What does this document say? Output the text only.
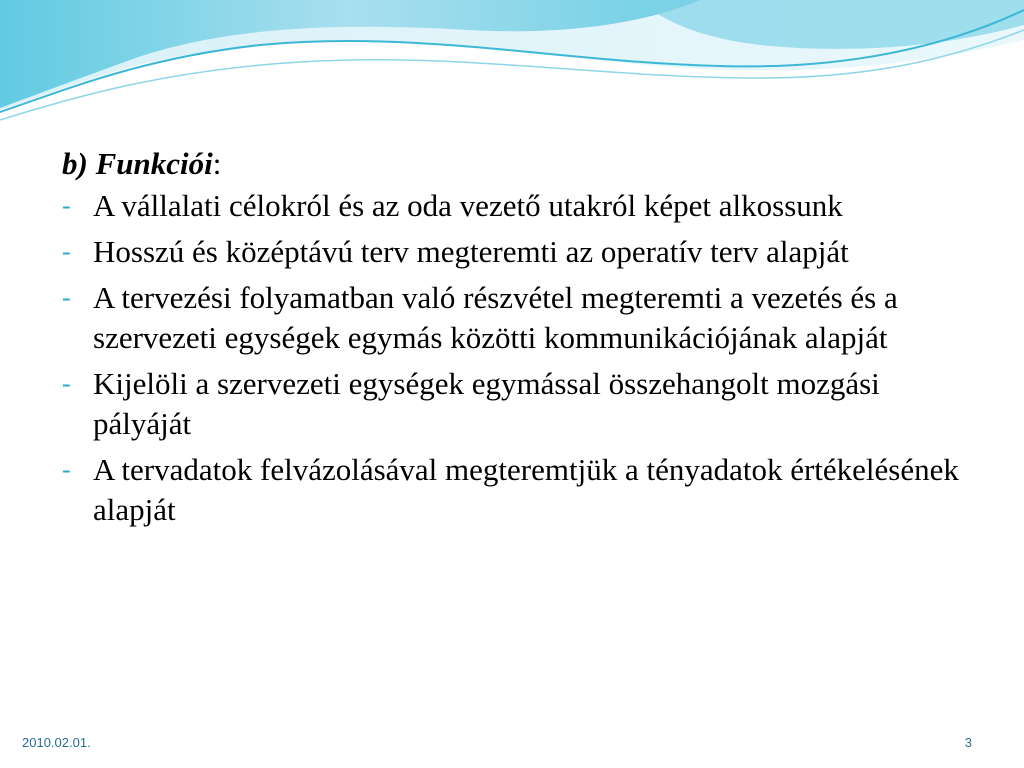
b) Funkciói:
- A vállalati célokról és az oda vezető utakról képet alkossunk
- Hosszú és középtávú terv megteremti az operatív terv alapját
- A tervezési folyamatban való részvétel megteremti a vezetés és a szervezeti egységek egymás közötti kommunikációjának alapját
- Kijelöli a szervezeti egységek egymással összehangolt mozgási pályáját
- A tervadatok felvázolásával megteremtjük a tényadatok értékelésének alapját
2010.02.01.	3
